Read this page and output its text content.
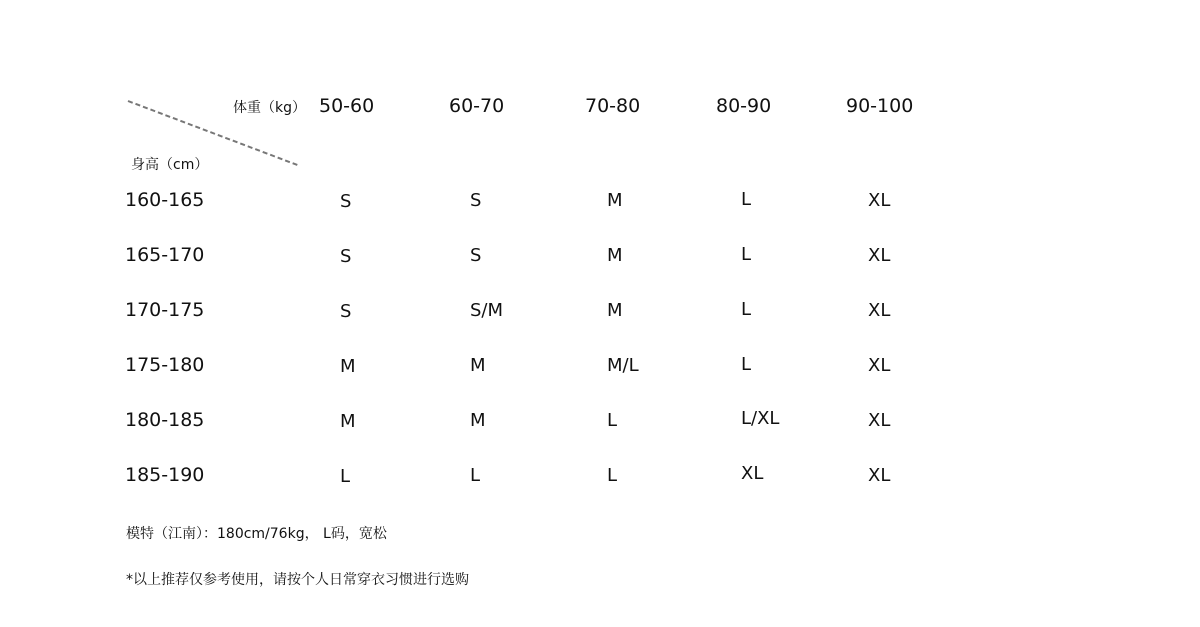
体重（kg）
身高（cm）
50-60	60-70	70-80	80-90	90-100
160-165	S	S	M	L	XL
165-170	S	S	M	L	XL
170-175	S	S/M	M	L	XL
175-180	M	M	M/L	L	XL
180-185	M	M	L	L/XL	XL
185-190	L	L	L	XL	XL
模特（江南）：180cm/76kg， L码，宽松
*以上推荐仅参考使用，请按个人日常穿衣习惯进行选购
